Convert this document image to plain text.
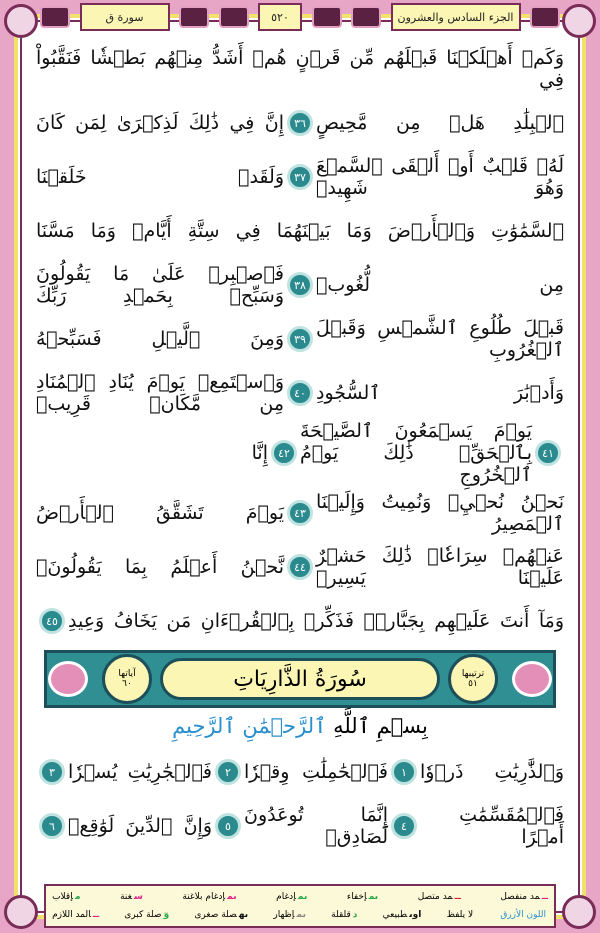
الجزء السادس والعشرون
٥٢٠
سورة ق
وَكَمۡ أَهۡلَكۡنَا قَبۡلَهُم مِّن قَرۡنٍ هُمۡ أَشَدُّ مِنۡهُم بَطۡشٗا فَنَقَّبُواْ فِي
ٱلۡبِلَٰدِ هَلۡ مِن مَّحِيصٍ
٣٦
إِنَّ فِي ذَٰلِكَ لَذِكۡرَىٰ لِمَن كَانَ
لَهُۥ قَلۡبٌ أَوۡ أَلۡقَى ٱلسَّمۡعَ وَهُوَ شَهِيدٞ
٣٧
وَلَقَدۡ خَلَقۡنَا
ٱلسَّمَٰوَٰتِ وَٱلۡأَرۡضَ وَمَا بَيۡنَهُمَا فِي سِتَّةِ أَيَّامٖ وَمَا مَسَّنَا
مِن لُّغُوبٖ
٣٨
فَٱصۡبِرۡ عَلَىٰ مَا يَقُولُونَ وَسَبِّحۡ بِحَمۡدِ رَبِّكَ
قَبۡلَ طُلُوعِ ٱلشَّمۡسِ وَقَبۡلَ ٱلۡغُرُوبِ
٣٩
وَمِنَ ٱلَّيۡلِ فَسَبِّحۡهُ
وَأَدۡبَٰرَ ٱلسُّجُودِ
٤٠
وَٱسۡتَمِعۡ يَوۡمَ يُنَادِ ٱلۡمُنَادِ مِن مَّكَانٖ قَرِيبٖ
٤١
يَوۡمَ يَسۡمَعُونَ ٱلصَّيۡحَةَ بِٱلۡحَقِّۚ ذَٰلِكَ يَوۡمُ ٱلۡخُرُوجِ
٤٢
إِنَّا
نَحۡنُ نُحۡيِۦ وَنُمِيتُ وَإِلَيۡنَا ٱلۡمَصِيرُ
٤٣
يَوۡمَ تَشَقَّقُ ٱلۡأَرۡضُ
عَنۡهُمۡ سِرَاعٗاۚ ذَٰلِكَ حَشۡرٌ عَلَيۡنَا يَسِيرٞ
٤٤
نَّحۡنُ أَعۡلَمُ بِمَا يَقُولُونَۖ
وَمَآ أَنتَ عَلَيۡهِم بِجَبَّارٖۖ فَذَكِّرۡ بِٱلۡقُرۡءَانِ مَن يَخَافُ وَعِيدِ
٤٥
ترتيبها
٥١
سُورَةُ الذَّارِيَاتِ
آياتها
٦٠
بِسۡمِ ٱللَّهِ ٱلرَّحۡمَٰنِ ٱلرَّحِيمِ
وَٱلذَّٰرِيَٰتِ ذَرۡوٗا
١
فَٱلۡحَٰمِلَٰتِ وِقۡرٗا
٢
فَٱلۡجَٰرِيَٰتِ يُسۡرٗا
٣
فَٱلۡمُقَسِّمَٰتِ أَمۡرًا
٤
إِنَّمَا تُوعَدُونَ لَصَادِقٞ
٥
وَإِنَّ ٱلدِّينَ لَوَٰقِعٞ
٦
ــمد منفصل
ــمد متصل
ںمإخفاء
ںمإدغام
ںمإدغام بلاغنة
سغنة
مإقلاب
اللون الأزرق
لا يلفظ
اوىطبيعي
دقلقلة
ںمإظهار
ىهصلة صغرى
وٓصلة كبرى
ــالمد اللازم
